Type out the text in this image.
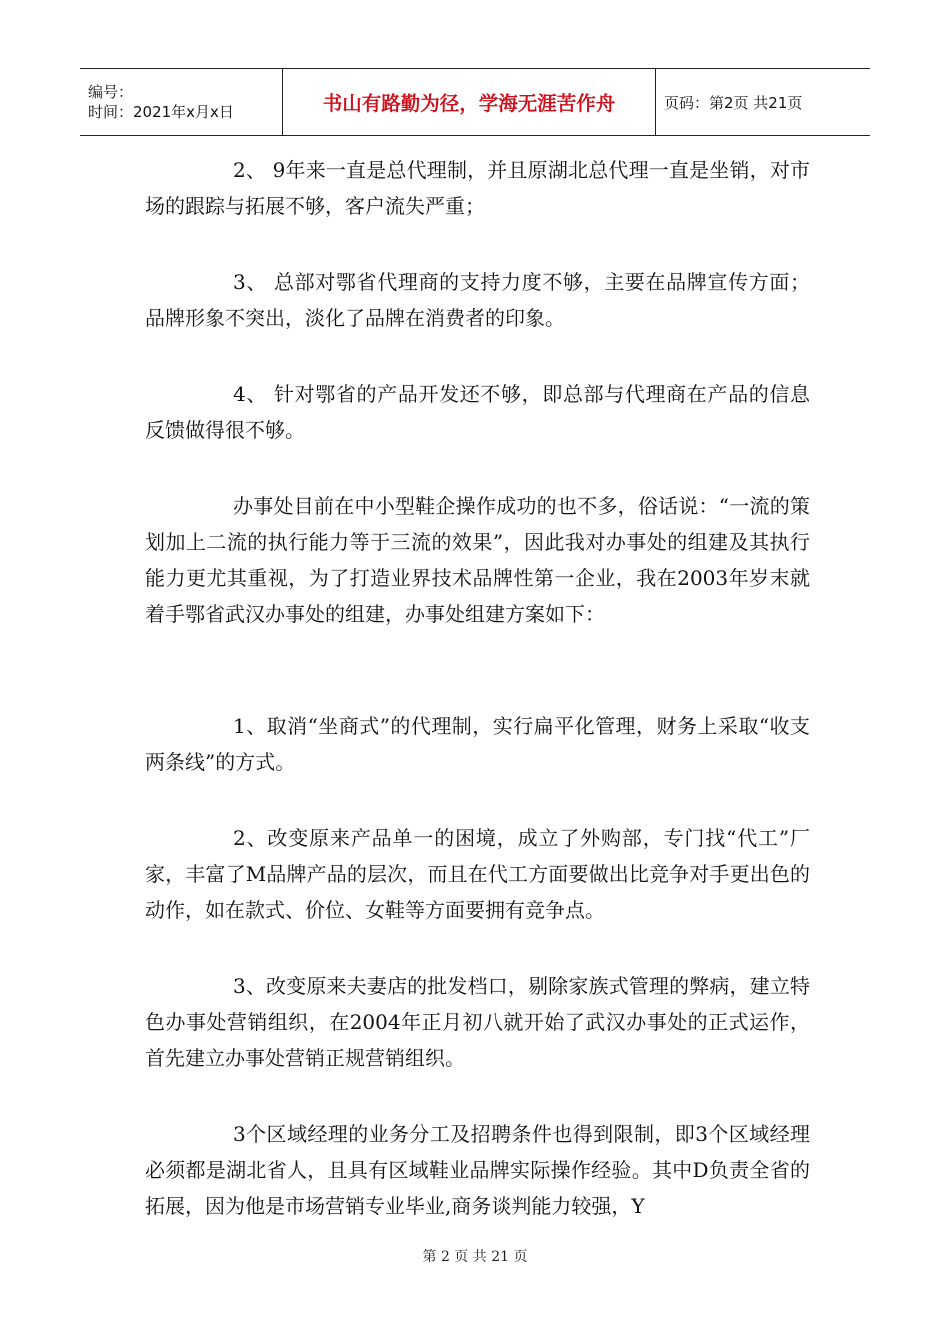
编号：
时间：2021年x月x日	书山有路勤为径，学海无涯苦作舟	页码：第2页 共21页

2、 9年来一直是总代理制，并且原湖北总代理一直是坐销，对市场的跟踪与拓展不够，客户流失严重；

3、 总部对鄂省代理商的支持力度不够，主要在品牌宣传方面；品牌形象不突出，淡化了品牌在消费者的印象。

4、 针对鄂省的产品开发还不够，即总部与代理商在产品的信息反馈做得很不够。

办事处目前在中小型鞋企操作成功的也不多，俗话说：“一流的策划加上二流的执行能力等于三流的效果”，因此我对办事处的组建及其执行能力更尤其重视，为了打造业界技术品牌性第一企业，我在2003年岁末就着手鄂省武汉办事处的组建，办事处组建方案如下：

1、取消“坐商式”的代理制，实行扁平化管理，财务上采取“收支两条线”的方式。

2、改变原来产品单一的困境，成立了外购部，专门找“代工”厂家，丰富了M品牌产品的层次，而且在代工方面要做出比竞争对手更出色的动作，如在款式、价位、女鞋等方面要拥有竞争点。

3、改变原来夫妻店的批发档口，剔除家族式管理的弊病，建立特色办事处营销组织，在2004年正月初八就开始了武汉办事处的正式运作，首先建立办事处营销正规营销组织。

3个区域经理的业务分工及招聘条件也得到限制，即3个区域经理必须都是湖北省人，且具有区域鞋业品牌实际操作经验。其中D负责全省的拓展，因为他是市场营销专业毕业,商务谈判能力较强，Y

第 2 页 共 21 页
